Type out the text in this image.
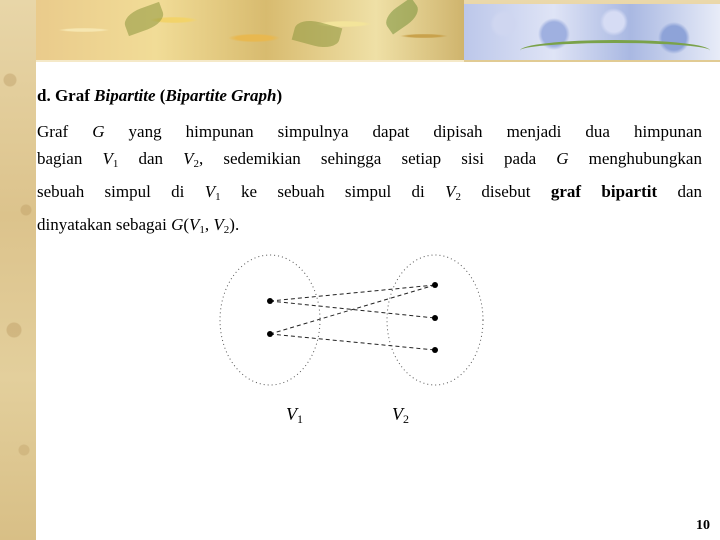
d. Graf Bipartite (Bipartite Graph)

Graf G yang himpunan simpulnya dapat dipisah menjadi dua himpunan
bagian $V_1$ dan $V_2$, sedemikian sehingga setiap sisi pada G menghubungkan
sebuah simpul di $V_1$ ke sebuah simpul di $V_2$ disebut graf bipartit dan
dinyatakan sebagai $G(V_1$, $V_2$).

$V_1$	$V_2$
10
